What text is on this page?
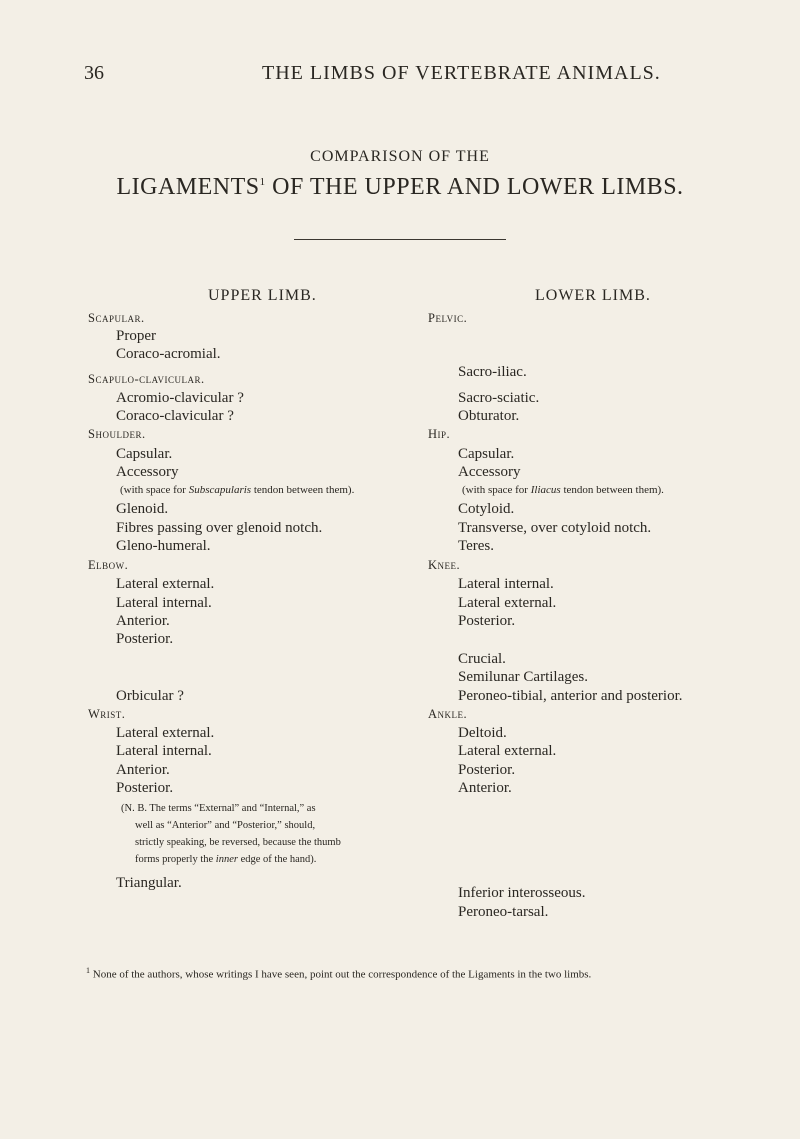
36	THE LIMBS OF VERTEBRATE ANIMALS.
COMPARISON OF THE
LIGAMENTS$^1$ OF THE UPPER AND LOWER LIMBS.
UPPER LIMB.
Scapular.
Proper
Coraco-acromial.
Scapulo-clavicular.
Acromio-clavicular ?
Coraco-clavicular ?
Shoulder.
Capsular.
Accessory
(with space for Subscapularis tendon between them).
Glenoid.
Fibres passing over glenoid notch.
Gleno-humeral.
Elbow.
Lateral external.
Lateral internal.
Anterior.
Posterior.
Orbicular ?
Wrist.
Lateral external.
Lateral internal.
Anterior.
Posterior.
(N. B. The terms “External” and “Internal,” as
well as “Anterior” and “Posterior,” should,
strictly speaking, be reversed, because the thumb
forms properly the inner edge of the hand).
Triangular.
LOWER LIMB.
Pelvic.
Sacro-iliac.
Sacro-sciatic.
Obturator.
Hip.
Capsular.
Accessory
(with space for Iliacus tendon between them).
Cotyloid.
Transverse, over cotyloid notch.
Teres.
Knee.
Lateral internal.
Lateral external.
Posterior.
Crucial.
Semilunar Cartilages.
Peroneo-tibial, anterior and posterior.
Ankle.
Deltoid.
Lateral external.
Posterior.
Anterior.
Inferior interosseous.
Peroneo-tarsal.
$^1$ None of the authors, whose writings I have seen, point out the correspondence of the Ligaments in the two limbs.
